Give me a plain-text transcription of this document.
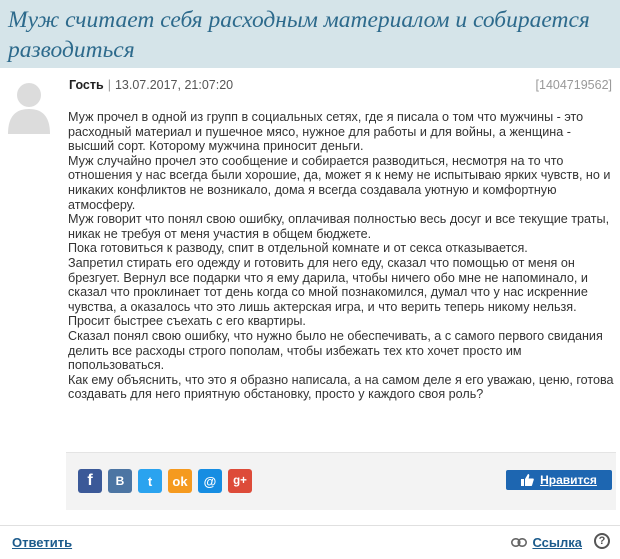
Муж считает себя расходным материалом и собирается разводиться
Гость | 13.07.2017, 21:07:20	[1404719562]
Муж прочел в одной из групп в социальных сетях, где я писала о том что мужчины - это расходный материал и пушечное мясо, нужное для работы и для войны, а женщина - высший сорт. Которому мужчина приносит деньги.
Муж случайно прочел это сообщение и собирается разводиться, несмотря на то что отношения у нас всегда были хорошие, да, может я к нему не испытываю ярких чувств, но и никаких конфликтов не возникало, дома я всегда создавала уютную и комфортную атмосферу.
Муж говорит что понял свою ошибку, оплачивая полностью весь досуг и все текущие траты, никак не требуя от меня участия в общем бюджете.
Пока готовиться к разводу, спит в отдельной комнате и от секса отказывается.
Запретил стирать его одежду и готовить для него еду, сказал что помощью от меня он брезгует. Вернул все подарки что я ему дарила, чтобы ничего обо мне не напоминало, и сказал что проклинает тот день когда со мной познакомился, думал что у нас искренние чувства, а оказалось что это лишь актерская игра, и что верить теперь никому нельзя.
Просит быстрее съехать с его квартиры.
Сказал понял свою ошибку, что нужно было не обеспечивать, а с самого первого свидания делить все расходы строго пополам, чтобы избежать тех кто хочет просто им попользоваться.
Как ему объяснить, что это я образно написала, а на самом деле я его уважаю, ценю, готова создавать для него приятную обстановку, просто у каждого своя роль?
f	B	t	ok	@	g+	Нравится
Ответить	Ссылка	?
